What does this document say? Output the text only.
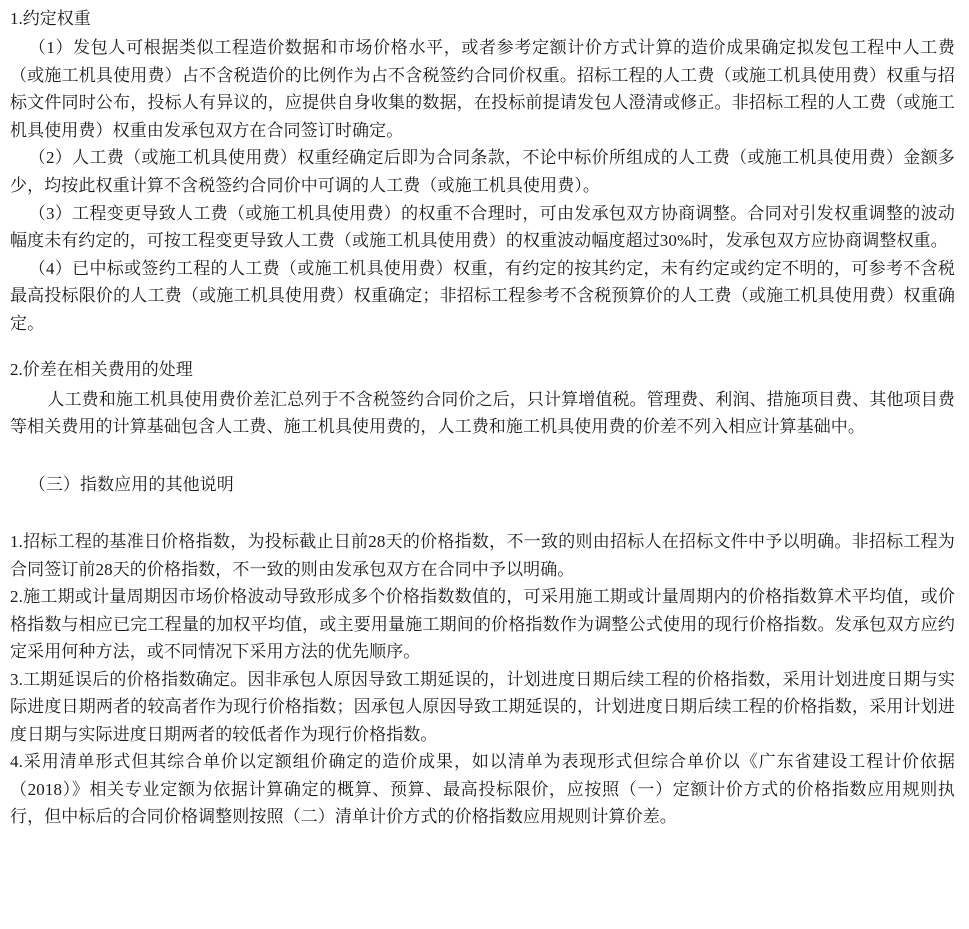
1.约定权重

（1）发包人可根据类似工程造价数据和市场价格水平，或者参考定额计价方式计算的造价成果确定拟发包工程中人工费（或施工机具使用费）占不含税造价的比例作为占不含税签约合同价权重。招标工程的人工费（或施工机具使用费）权重与招标文件同时公布，投标人有异议的，应提供自身收集的数据，在投标前提请发包人澄清或修正。非招标工程的人工费（或施工机具使用费）权重由发承包双方在合同签订时确定。

（2）人工费（或施工机具使用费）权重经确定后即为合同条款，不论中标价所组成的人工费（或施工机具使用费）金额多少，均按此权重计算不含税签约合同价中可调的人工费（或施工机具使用费）。

（3）工程变更导致人工费（或施工机具使用费）的权重不合理时，可由发承包双方协商调整。合同对引发权重调整的波动幅度未有约定的，可按工程变更导致人工费（或施工机具使用费）的权重波动幅度超过30%时，发承包双方应协商调整权重。

（4）已中标或签约工程的人工费（或施工机具使用费）权重，有约定的按其约定，未有约定或约定不明的，可参考不含税最高投标限价的人工费（或施工机具使用费）权重确定；非招标工程参考不含税预算价的人工费（或施工机具使用费）权重确定。

2.价差在相关费用的处理

人工费和施工机具使用费价差汇总列于不含税签约合同价之后，只计算增值税。管理费、利润、措施项目费、其他项目费等相关费用的计算基础包含人工费、施工机具使用费的，人工费和施工机具使用费的价差不列入相应计算基础中。

（三）指数应用的其他说明

1.招标工程的基准日价格指数，为投标截止日前28天的价格指数，不一致的则由招标人在招标文件中予以明确。非招标工程为合同签订前28天的价格指数，不一致的则由发承包双方在合同中予以明确。

2.施工期或计量周期因市场价格波动导致形成多个价格指数数值的，可采用施工期或计量周期内的价格指数算术平均值，或价格指数与相应已完工程量的加权平均值，或主要用量施工期间的价格指数作为调整公式使用的现行价格指数。发承包双方应约定采用何种方法，或不同情况下采用方法的优先顺序。

3.工期延误后的价格指数确定。因非承包人原因导致工期延误的，计划进度日期后续工程的价格指数，采用计划进度日期与实际进度日期两者的较高者作为现行价格指数；因承包人原因导致工期延误的，计划进度日期后续工程的价格指数，采用计划进度日期与实际进度日期两者的较低者作为现行价格指数。

4.采用清单形式但其综合单价以定额组价确定的造价成果，如以清单为表现形式但综合单价以《广东省建设工程计价依据（2018）》相关专业定额为依据计算确定的概算、预算、最高投标限价，应按照（一）定额计价方式的价格指数应用规则执行，但中标后的合同价格调整则按照（二）清单计价方式的价格指数应用规则计算价差。
